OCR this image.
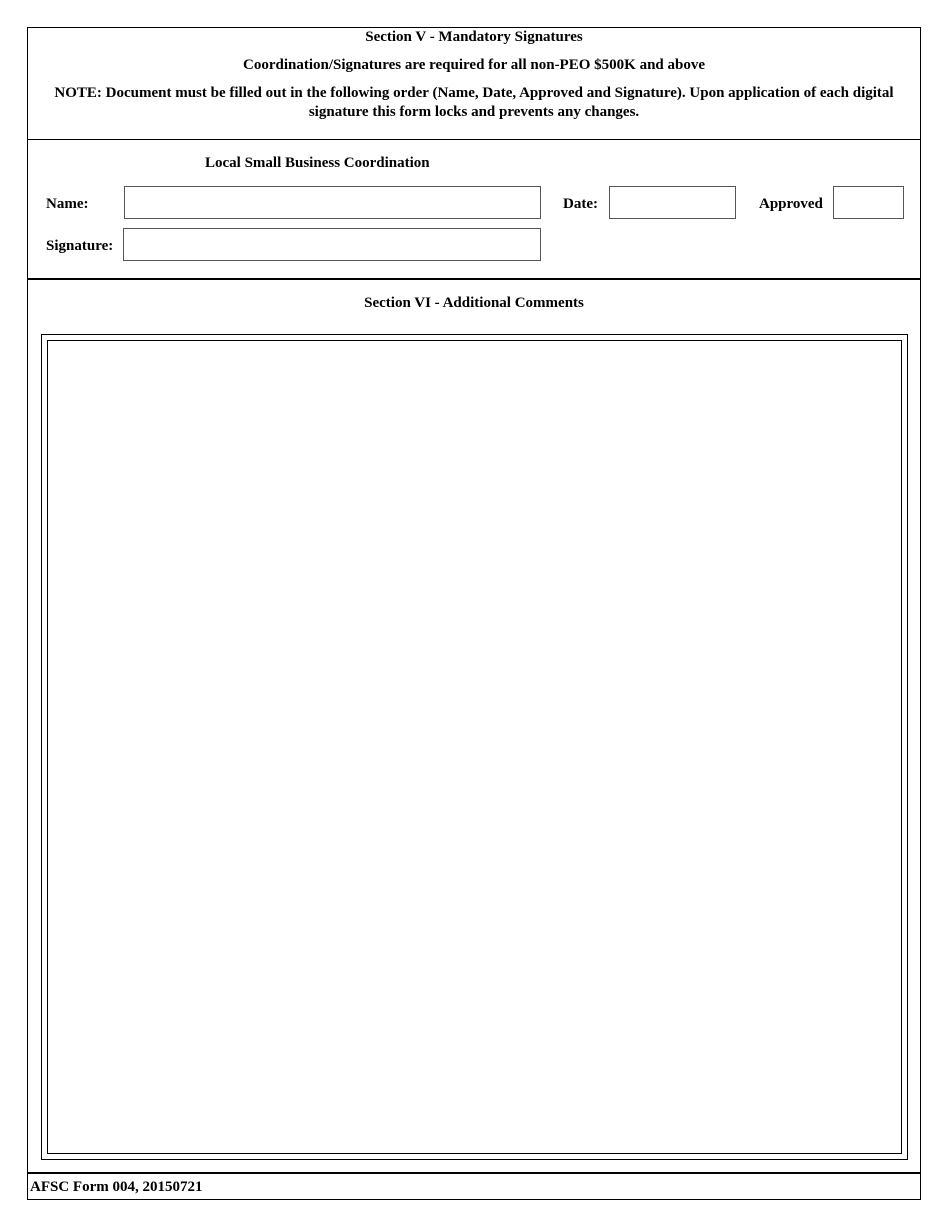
Section V - Mandatory Signatures
Coordination/Signatures are required for all non-PEO $500K and above
NOTE: Document must be filled out in the following order (Name, Date, Approved and Signature). Upon application of each digital signature this form locks and prevents any changes.
Local Small Business Coordination
Name:	Date:	Approved
Signature:
Section VI - Additional Comments
AFSC Form 004, 20150721
